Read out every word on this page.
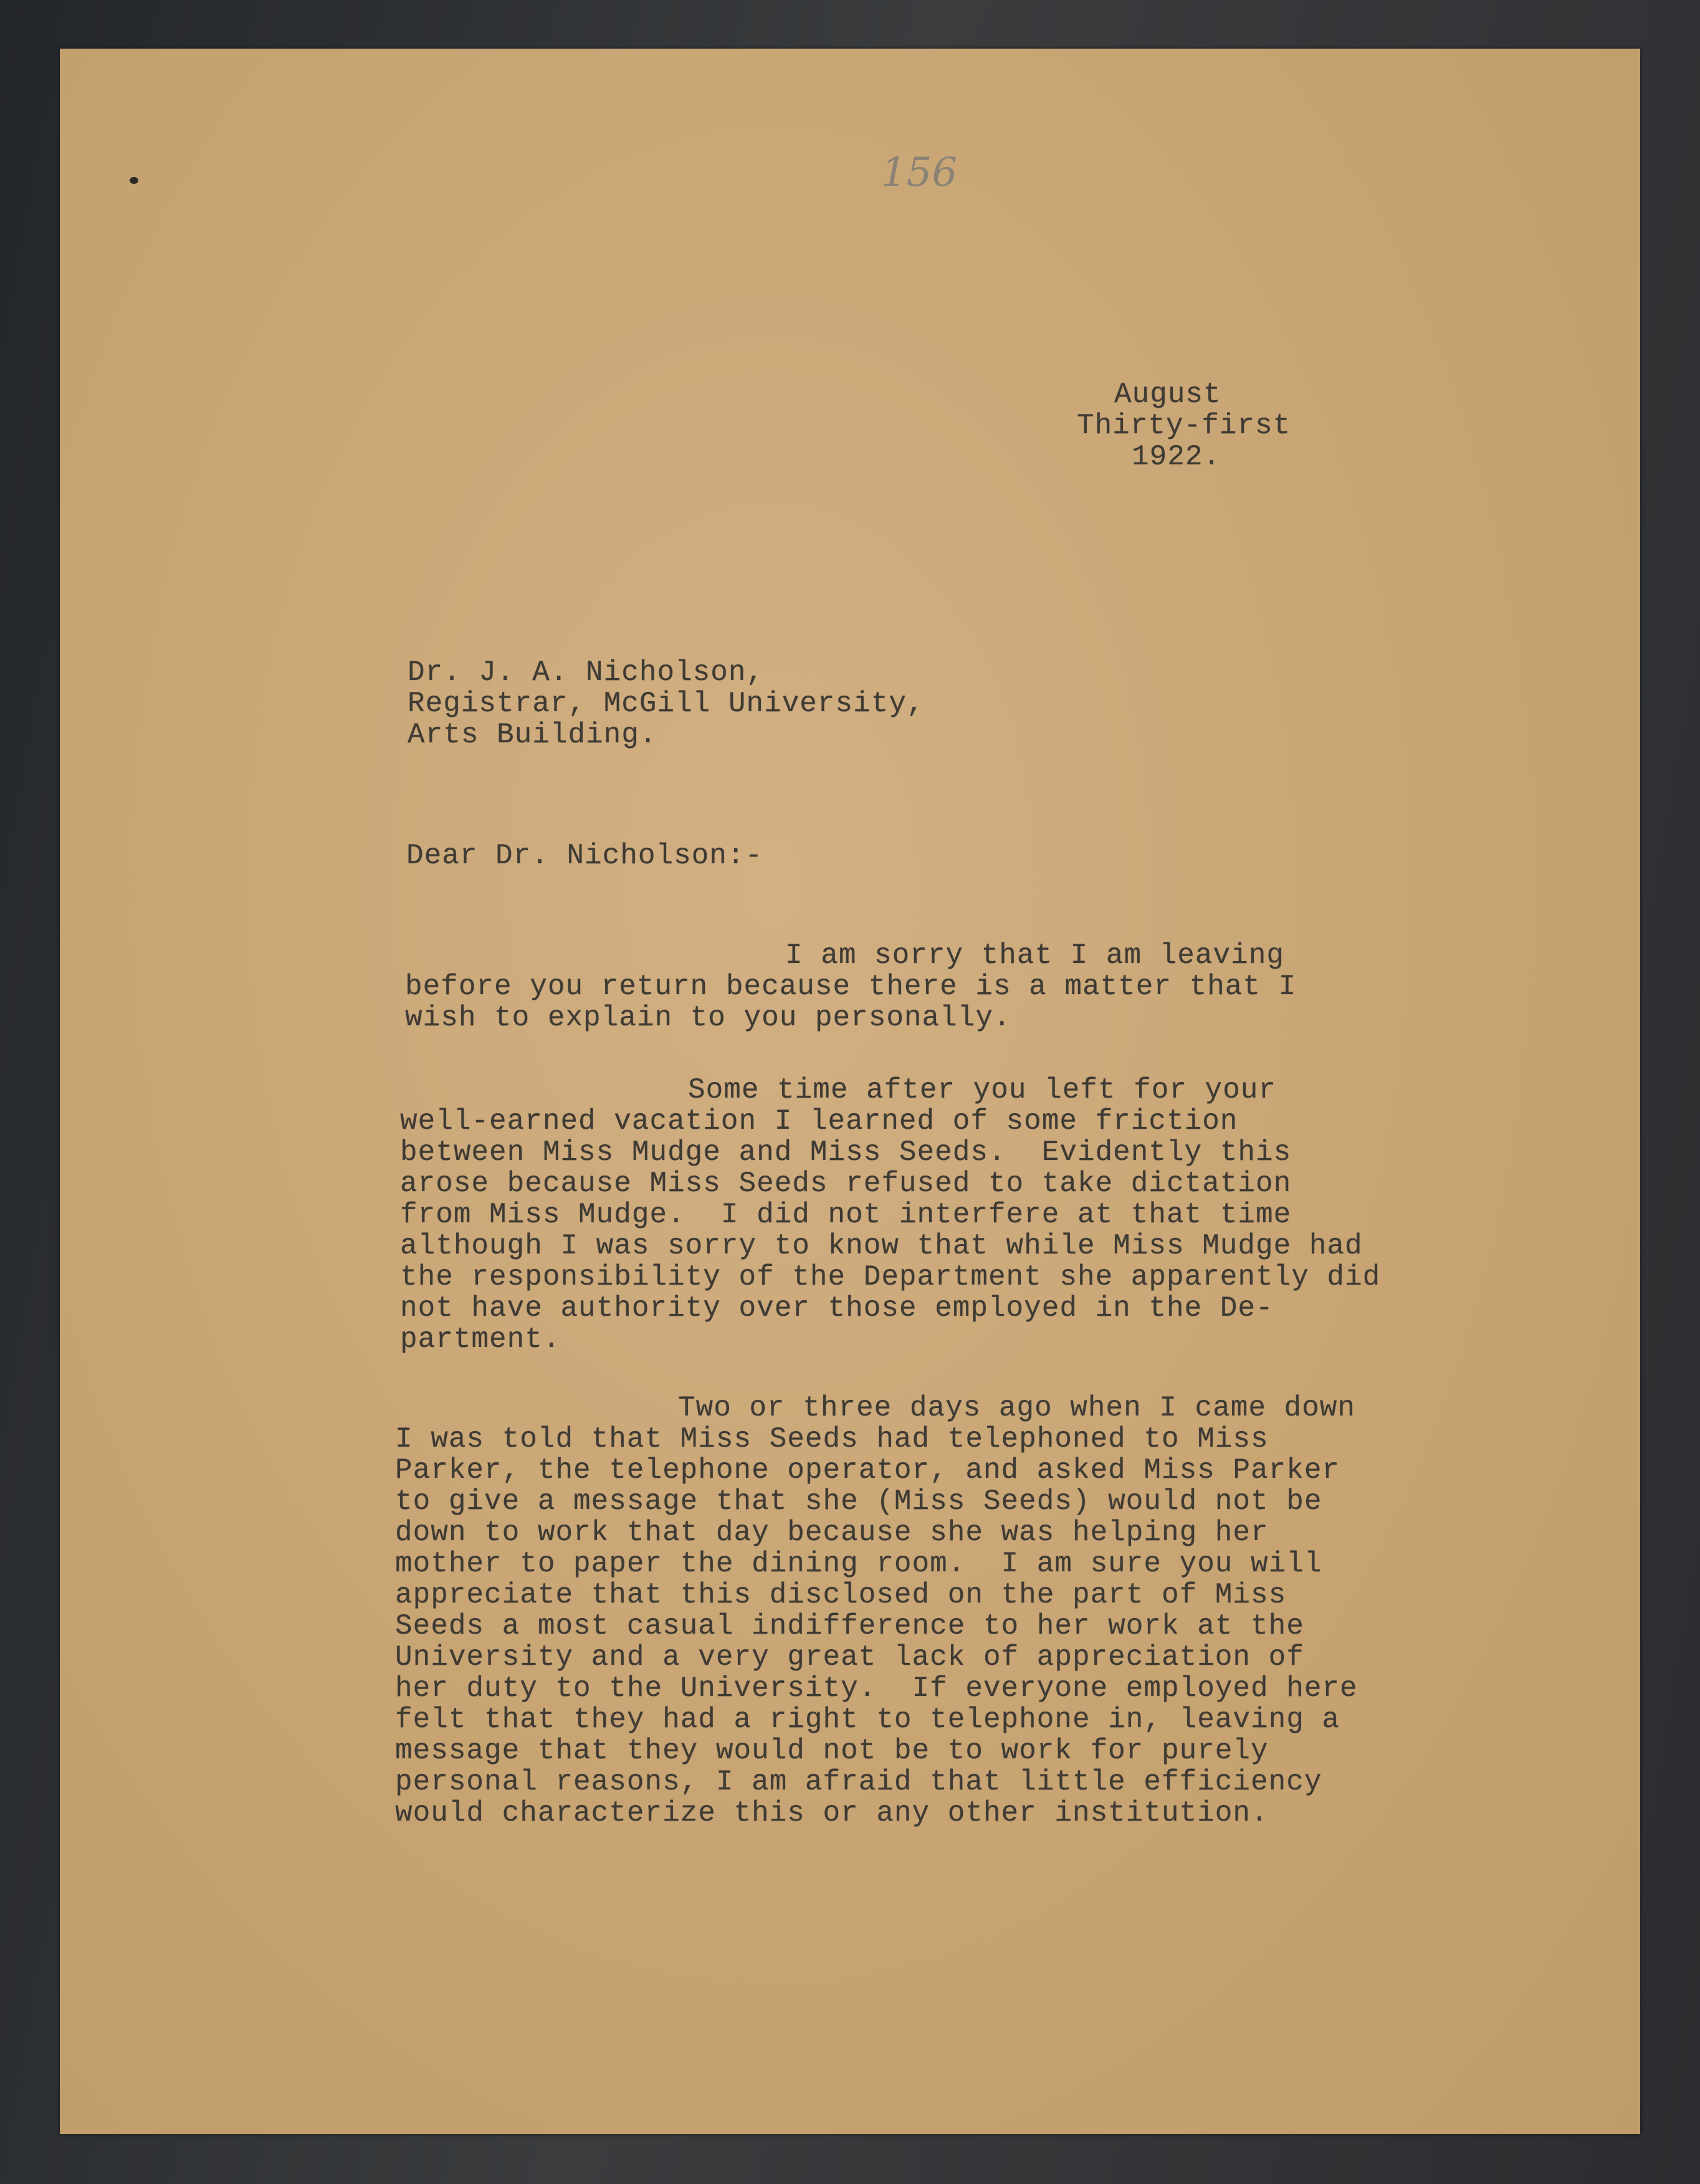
156
August
Thirty-first
1922.
Dr. J. A. Nicholson,
Registrar, McGill University,
Arts Building.
Dear Dr. Nicholson:-
I am sorry that I am leaving
before you return because there is a matter that I
wish to explain to you personally.
Some time after you left for your
well-earned vacation I learned of some friction
between Miss Mudge and Miss Seeds.  Evidently this
arose because Miss Seeds refused to take dictation
from Miss Mudge.  I did not interfere at that time
although I was sorry to know that while Miss Mudge had
the responsibility of the Department she apparently did
not have authority over those employed in the De-
partment.
Two or three days ago when I came down
I was told that Miss Seeds had telephoned to Miss
Parker, the telephone operator, and asked Miss Parker
to give a message that she (Miss Seeds) would not be
down to work that day because she was helping her
mother to paper the dining room.  I am sure you will
appreciate that this disclosed on the part of Miss
Seeds a most casual indifference to her work at the
University and a very great lack of appreciation of
her duty to the University.  If everyone employed here
felt that they had a right to telephone in, leaving a
message that they would not be to work for purely
personal reasons, I am afraid that little efficiency
would characterize this or any other institution.
